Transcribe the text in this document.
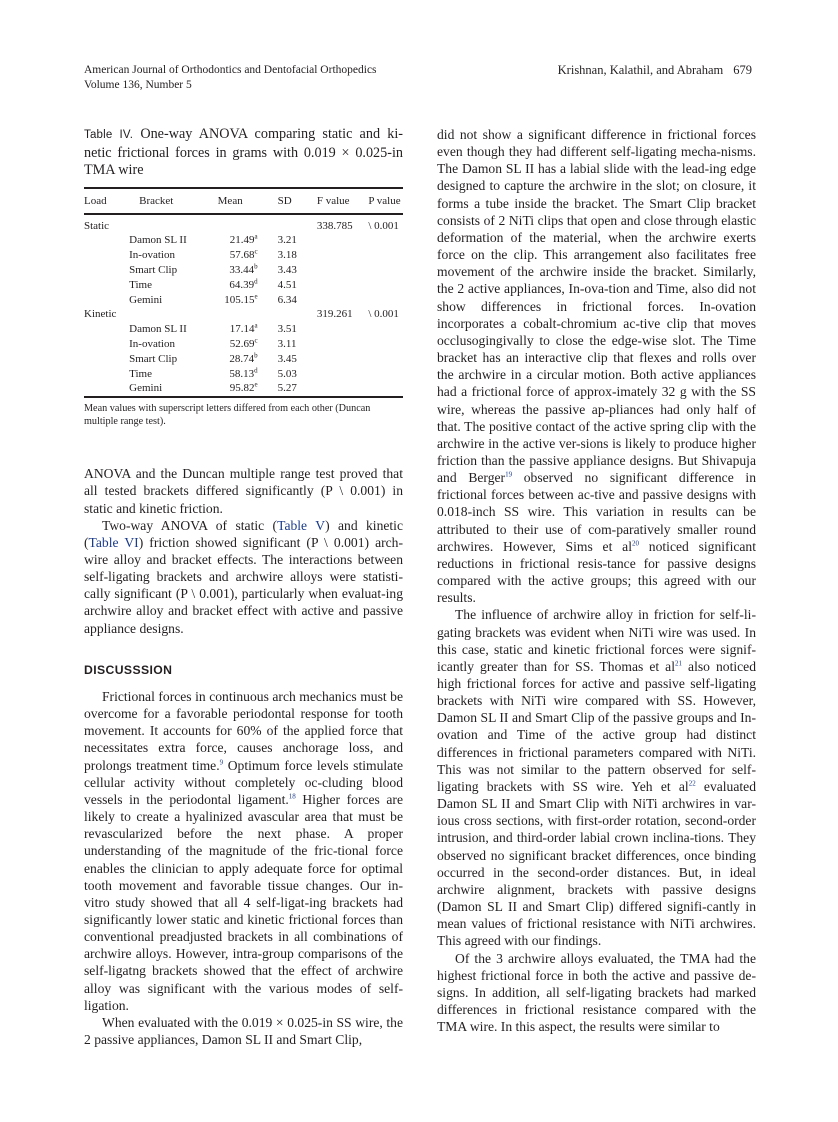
American Journal of Orthodontics and Dentofacial Orthopedics
Volume 136, Number 5
Krishnan, Kalathil, and Abraham 679
Table IV. One-way ANOVA comparing static and ki-netic frictional forces in grams with 0.019 × 0.025-in TMA wire
Load	Bracket	Mean	SD	F value	P value
Static				338.785	\ 0.001
	Damon SL II	21.49$^a$	3.21		
	In-ovation	57.68$^c$	3.18		
	Smart Clip	33.44$^b$	3.43		
	Time	64.39$^d$	4.51		
	Gemini	105.15e	6.34		
Kinetic				319.261	\ 0.001
	Damon SL II	17.14$^a$	3.51		
	In-ovation	52.69$^c$	3.11		
	Smart Clip	28.74$^b$	3.45		
	Time	58.13$^d$	5.03		
	Gemini	95.82e	5.27		
Mean values with superscript letters differed from each other (Duncan multiple range test).					

ANOVA and the Duncan multiple range test proved that all tested brackets differed significantly (P \ 0.001) in static and kinetic friction.

Two-way ANOVA of static (Table V) and kinetic (Table VI) friction showed significant (P \ 0.001) arch-wire alloy and bracket effects. The interactions between self-ligating brackets and archwire alloys were statisti-cally significant (P \ 0.001), particularly when evaluat-ing archwire alloy and bracket effect with active and passive appliance designs.

DISCUSSSION

Frictional forces in continuous arch mechanics must be overcome for a favorable periodontal response for tooth movement. It accounts for 60% of the applied force that necessitates extra force, causes anchorage loss, and prolongs treatment time.$^9$ Optimum force levels stimulate cellular activity without completely oc-cluding blood vessels in the periodontal ligament.$^{18}$ Higher forces are likely to create a hyalinized avascular area that must be revascularized before the next phase. A proper understanding of the magnitude of the fric-tional force enables the clinician to apply adequate force for optimal tooth movement and favorable tissue changes. Our in-vitro study showed that all 4 self-ligat-ing brackets had significantly lower static and kinetic frictional forces than conventional preadjusted brackets in all combinations of archwire alloys. However, intra-group comparisons of the self-ligatng brackets showed that the effect of archwire alloy was significant with the various modes of self-ligation.

When evaluated with the 0.019 × 0.025-in SS wire, the 2 passive appliances, Damon SL II and Smart Clip,

did not show a significant difference in frictional forces even though they had different self-ligating mecha-nisms. The Damon SL II has a labial slide with the lead-ing edge designed to capture the archwire in the slot; on closure, it forms a tube inside the bracket. The Smart Clip bracket consists of 2 NiTi clips that open and close through elastic deformation of the material, when the archwire exerts force on the clip. This arrangement also facilitates free movement of the archwire inside the bracket. Similarly, the 2 active appliances, In-ova-tion and Time, also did not show differences in frictional forces. In-ovation incorporates a cobalt-chromium ac-tive clip that moves occlusogingivally to close the edge-wise slot. The Time bracket has an interactive clip that flexes and rolls over the archwire in a circular motion. Both active appliances had a frictional force of approx-imately 32 g with the SS wire, whereas the passive ap-pliances had only half of that. The positive contact of the active spring clip with the archwire in the active ver-sions is likely to produce higher friction than the passive appliance designs. But Shivapuja and Berger$^{19}$ observed no significant difference in frictional forces between ac-tive and passive designs with 0.018-inch SS wire. This variation in results can be attributed to their use of com-paratively smaller round archwires. However, Sims et $al^{20}$ noticed significant reductions in frictional resis-tance for passive designs compared with the active groups; this agreed with our results.

The influence of archwire alloy in friction for self-li-gating brackets was evident when NiTi wire was used. In this case, static and kinetic frictional forces were signif-icantly greater than for SS. Thomas et $al^{21}$ also noticed high frictional forces for active and passive self-ligating brackets with NiTi wire compared with SS. However, Damon SL II and Smart Clip of the passive groups and In-ovation and Time of the active group had distinct differences in frictional parameters compared with NiTi. This was not similar to the pattern observed for self-ligating brackets with SS wire. Yeh et $al^{22}$ evaluated Damon SL II and Smart Clip with NiTi archwires in var-ious cross sections, with first-order rotation, second-order intrusion, and third-order labial crown inclina-tions. They observed no significant bracket differences, once binding occurred in the second-order distances. But, in ideal archwire alignment, brackets with passive designs (Damon SL II and Smart Clip) differed signifi-cantly in mean values of frictional resistance with NiTi archwires. This agreed with our findings.

Of the 3 archwire alloys evaluated, the TMA had the highest frictional force in both the active and passive de-signs. In addition, all self-ligating brackets had marked differences in frictional resistance compared with the TMA wire. In this aspect, the results were similar to
